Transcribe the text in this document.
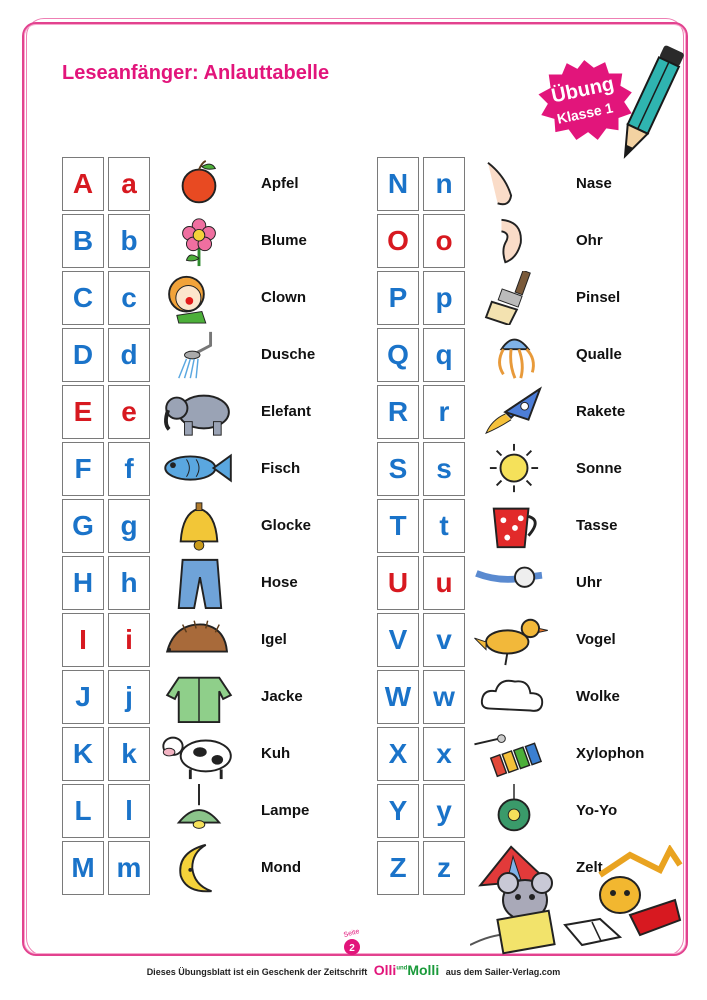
Leseanfänger: Anlauttabelle	Übung
Klasse 1
A	a	Apfel
B b	Blume
C	c	Clown
D d	Dusche
E	e	Elefant
F	f	Fisch
G g	Glocke
H h	Hose
I	i	Igel
J	j	Jacke
K	k	Kuh
L	l	Lampe
M m	Mond
N n	Nase
O o	Ohr
P	p	Pinsel
Q q	Qualle
R	r	Rakete
S	s	Sonne
T	t	Tasse
U u	Uhr
V	v	Vogel
W w	Wolke
X	x	Xylophon
Y	y	Yo-Yo
Z	z	Zelt
Seite
2
Dieses Übungsblatt ist ein Geschenk der Zeitschrift Olli$^{und}$Molli aus dem Sailer-Verlag.com
